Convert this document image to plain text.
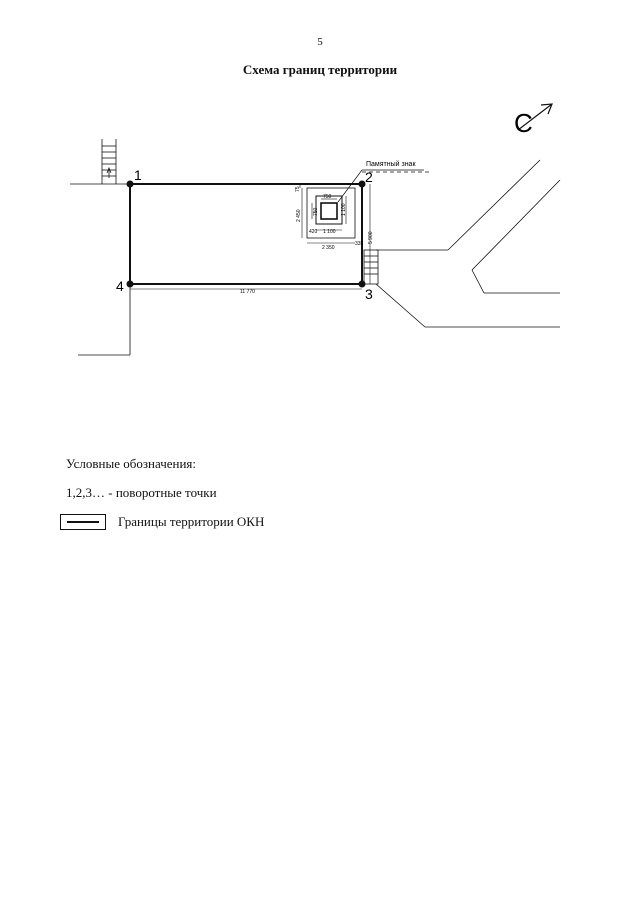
5
Схема границ территории
С
1	2
3
4
Памятный знак
11 770
5 900
75
2 450
750
750	1 100
420 1 100
2 350
335
Условные обозначения:
1,2,3… - поворотные точки
Границы территории ОКН
